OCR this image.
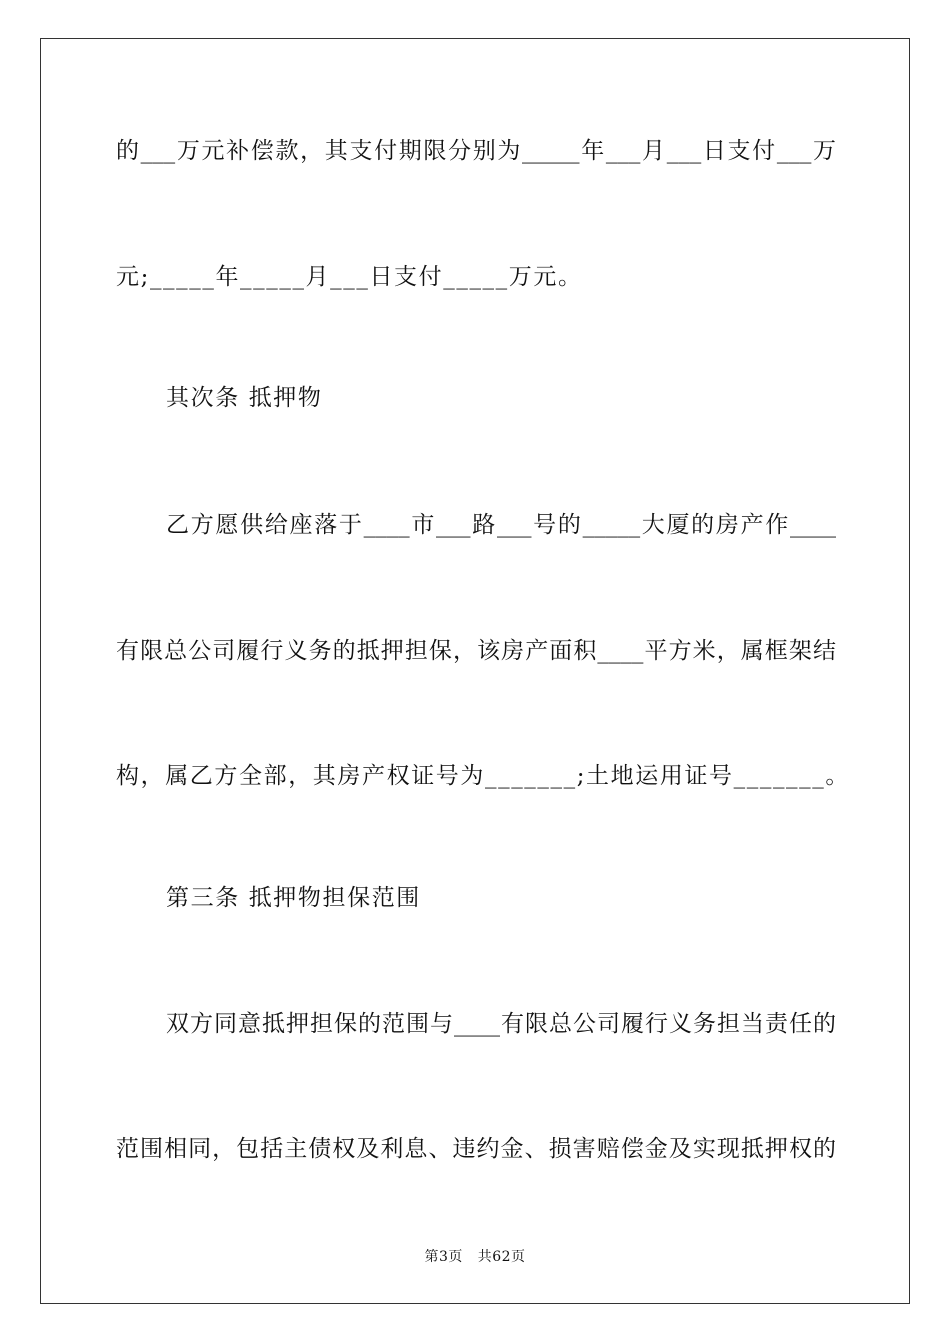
的___万元补偿款，其支付期限分别为_____年___月___日支付___万
元;_____年_____月___日支付_____万元。
其次条 抵押物
乙方愿供给座落于____市___路___号的_____大厦的房产作____
有限总公司履行义务的抵押担保，该房产面积____平方米，属框架结
构，属乙方全部，其房产权证号为_______;土地运用证号_______。
第三条 抵押物担保范围
双方同意抵押担保的范围与____有限总公司履行义务担当责任的
范围相同，包括主债权及利息、违约金、损害赔偿金及实现抵押权的
第3页   共62页
